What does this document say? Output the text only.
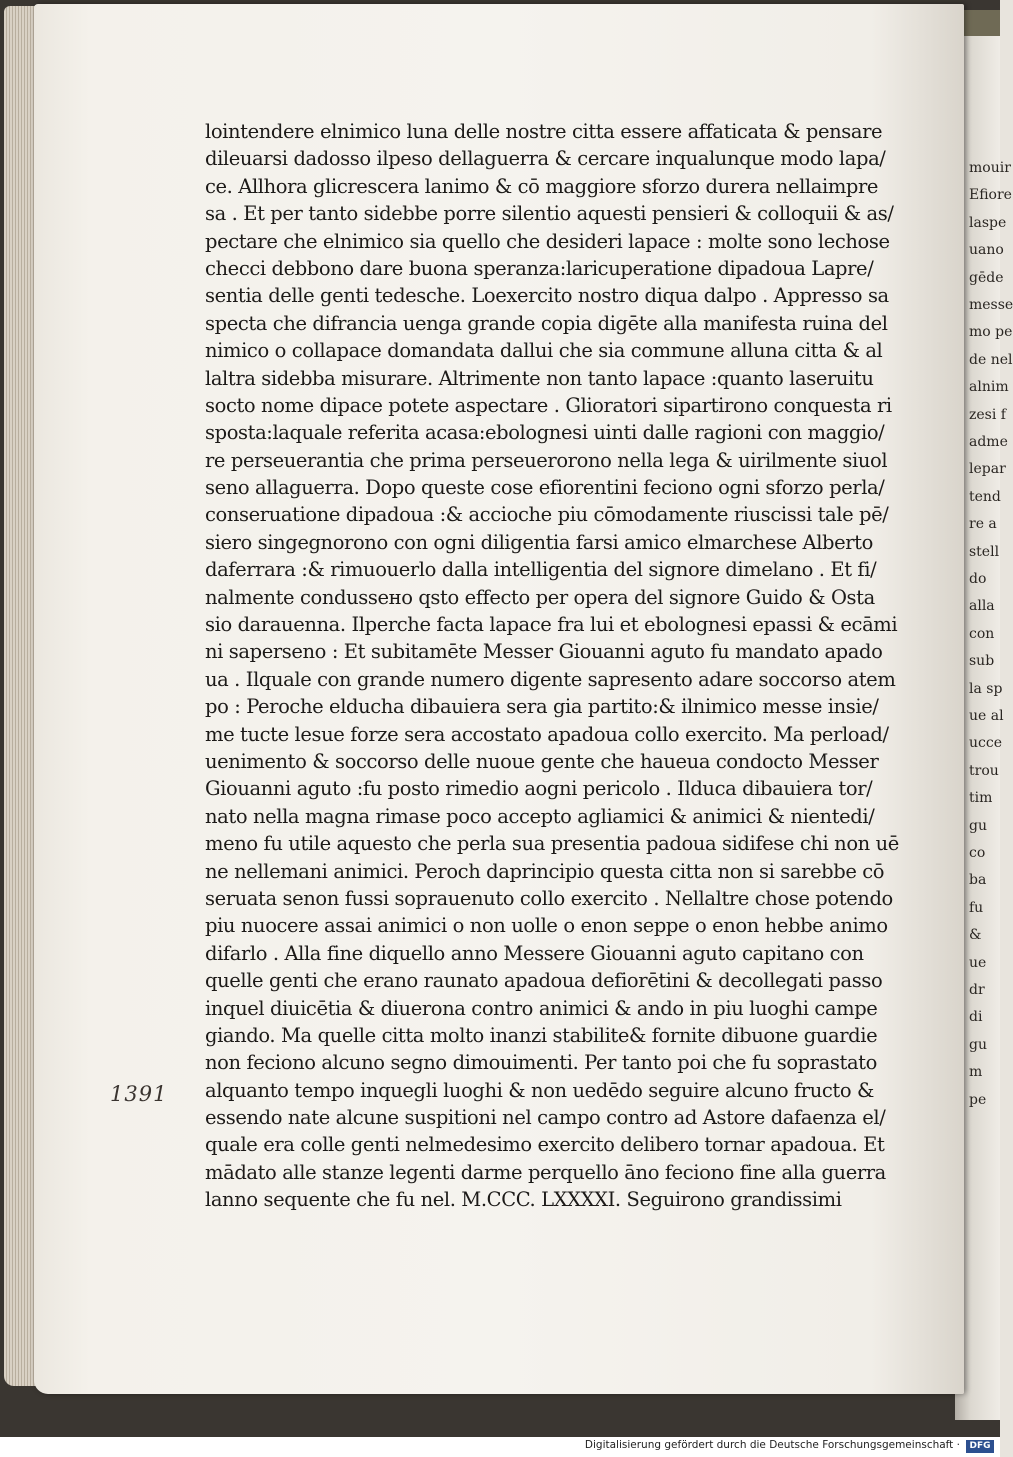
mouir
Efiore
laspe
uano
gēde
messe
mo pe
de nel
alnim
zesi f
adme
lepar
tend
re a
stell
do
alla
con
sub
la sp
ue al
ucce
trou
tim
gu
co
ba
fu
&
ue
dr
di
gu
m
pe
lointendere elnimico luna delle nostre citta essere affaticata & pensare
dileuarsi dadosso ilpeso dellaguerra & cercare inqualunque modo lapa/
ce. Allhora glicrescera lanimo & cō maggiore sforzo durera nellaimpre
sa . Et per tanto sidebbe porre silentio aquesti pensieri & colloquii & as/
pectare che elnimico sia quello che desideri lapace : molte sono lechose
checci debbono dare buona speranza:laricuperatione dipadoua Lapre/
sentia delle genti tedesche. Loexercito nostro diqua dalpo . Appresso sa
specta che difrancia uenga grande copia digēte alla manifesta ruina del
nimico o collapace domandata dallui che sia commune alluna citta & al
laltra sidebba misurare. Altrimente non tanto lapace :quanto laseruitu
socto nome dipace potete aspectare . Glioratori sipartirono conquesta ri
sposta:laquale referita acasa:ebolognesi uinti dalle ragioni con maggio/
re perseuerantia che prima perseuerorono nella lega & uirilmente siuol
seno allaguerra. Dopo queste cose efiorentini feciono ogni sforzo perla/
conseruatione dipadoua :& accioche piu cōmodamente riuscissi tale pē/
siero singegnorono con ogni diligentia farsi amico elmarchese Alberto
daferrara :& rimuouerlo dalla intelligentia del signore dimelano . Et fi/
nalmente condussено qsto effecto per opera del signore Guido & Osta
sio darauenna. Ilperche facta lapace fra lui et ebolognesi epassi & ecāmi
ni sapersеno : Et subitamēte Messer Giouanni aguto fu mandato apado
ua . Ilquale con grande numero digente sapresento adare soccorso atem
po : Peroche elducha dibauiera sera gia partito:& ilnimico messe insie/
me tucte lesue forze sera accostato apadoua collo exercito. Ma perload/
uenimento & soccorso delle nuoue gente che haueua condocto Messer
Giouanni aguto :fu posto rimedio aogni pericolo . Ilduca dibauiera tor/
nato nella magna rimase poco accepto agliamici & animici & nientedi/
meno fu utile aquesto che perla sua presentia padoua sidifese chi non uē
ne nellemani animici. Peroch daprincipio questa citta non si sarebbe cō
seruata senon fussi soprauenuto collo exercito . Nellaltre chose potendo
piu nuocere assai animici o non uolle o enon seppe o enon hebbe animo
difarlo . Alla fine diquello anno Messere Giouanni aguto capitano con
quelle genti che erano raunato apadoua defiorētini & decollegati passo
inquel diuicētia & diuerona contro animici & ando in piu luoghi campe
giando. Ma quelle citta molto inanzi stabilite& fornite dibuone guardie
non feciono alcuno segno dimouimenti. Per tanto poi che fu soprastato
alquanto tempo inquegli luoghi & non uedēdo seguire alcuno fructo &
essendo nate alcune suspitioni nel campo contro ad Astore dafaenza el/
quale era colle genti nelmedesimo exercito delibero tornar apadoua. Et
mādato alle stanze legenti darme perquello āno feciono fine alla guerra
lanno sequente che fu nel. M.CCC. LXXXXI. Seguirono grandissimi
1391
Digitalisierung gefördert durch die Deutsche Forschungsgemeinschaft ·	DFG
